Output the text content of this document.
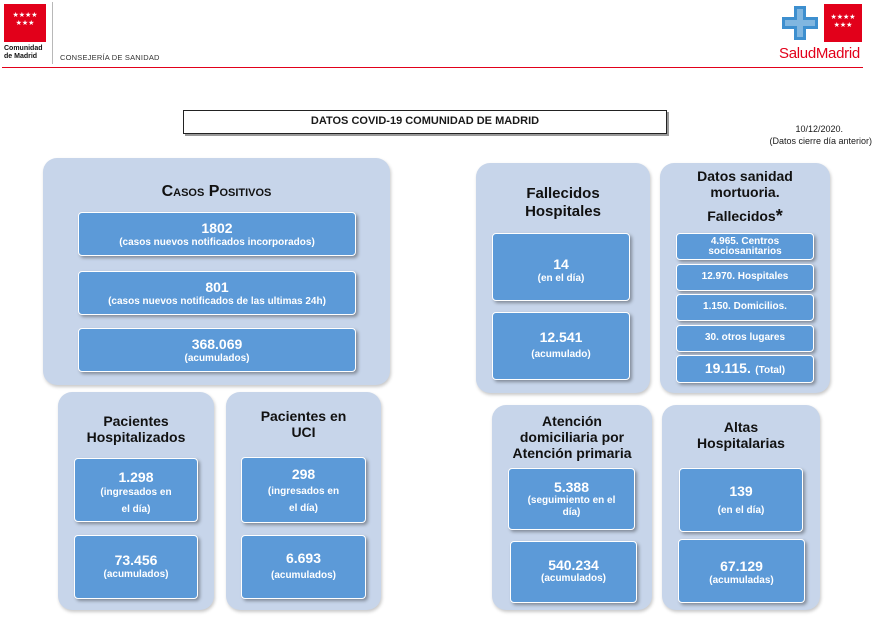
★★★★
★★★
Comunidad
de Madrid	CONSEJERÍA DE SANIDAD
★★★★
★★★
SaludMadrid
DATOS COVID-19 COMUNIDAD DE MADRID
10/12/2020.
(Datos cierre día anterior)
Casos Positivos
1802
(casos nuevos notificados incorporados)
801
(casos nuevos notificados de las ultimas 24h)
368.069
(acumulados)
Pacientes
Hospitalizados
1.298
(ingresados en
el día)
73.456
(acumulados)
Pacientes en
UCI
298
(ingresados en
el día)
6.693
(acumulados)
Fallecidos
Hospitales
14
(en el día)
12.541
(acumulado)
Datos sanidad
mortuoria.
Fallecidos*
4.965. Centros
sociosanitarios
12.970. Hospitales
1.150. Domicilios.
30. otros lugares
19.115. (Total)
Atención
domiciliaria por
Atención primaria
5.388
(seguimiento en el
día)
540.234
(acumulados)
Altas
Hospitalarias
139
(en el día)
67.129
(acumuladas)
